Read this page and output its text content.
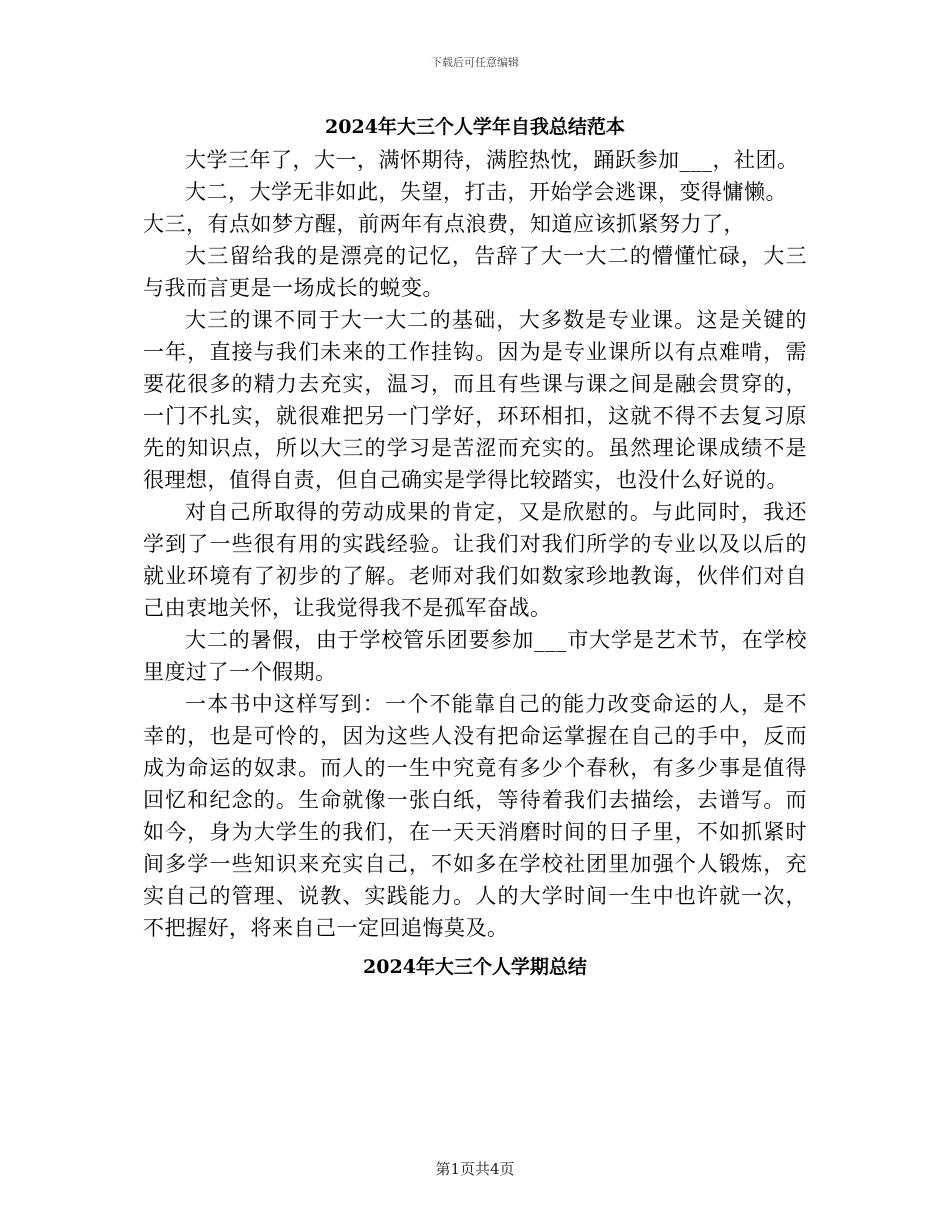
下载后可任意编辑
2024年大三个人学年自我总结范本

大学三年了，大一，满怀期待，满腔热忱，踊跃参加___，社团。

大二，大学无非如此，失望，打击，开始学会逃课，变得慵懒。

大三，有点如梦方醒，前两年有点浪费，知道应该抓紧努力了，

大三留给我的是漂亮的记忆，告辞了大一大二的懵懂忙碌，大三与我而言更是一场成长的蜕变。

大三的课不同于大一大二的基础，大多数是专业课。这是关键的一年，直接与我们未来的工作挂钩。因为是专业课所以有点难啃，需要花很多的精力去充实，温习，而且有些课与课之间是融会贯穿的，一门不扎实，就很难把另一门学好，环环相扣，这就不得不去复习原先的知识点，所以大三的学习是苦涩而充实的。虽然理论课成绩不是很理想，值得自责，但自己确实是学得比较踏实，也没什么好说的。

对自己所取得的劳动成果的肯定，又是欣慰的。与此同时，我还学到了一些很有用的实践经验。让我们对我们所学的专业以及以后的就业环境有了初步的了解。老师对我们如数家珍地教诲，伙伴们对自己由衷地关怀，让我觉得我不是孤军奋战。

大二的暑假，由于学校管乐团要参加___市大学是艺术节，在学校里度过了一个假期。

一本书中这样写到：一个不能靠自己的能力改变命运的人，是不幸的，也是可怜的，因为这些人没有把命运掌握在自己的手中，反而成为命运的奴隶。而人的一生中究竟有多少个春秋，有多少事是值得回忆和纪念的。生命就像一张白纸，等待着我们去描绘，去谱写。而如今，身为大学生的我们，在一天天消磨时间的日子里，不如抓紧时间多学一些知识来充实自己，不如多在学校社团里加强个人锻炼，充实自己的管理、说教、实践能力。人的大学时间一生中也许就一次，不把握好，将来自己一定回追悔莫及。

2024年大三个人学期总结
第1页共4页
